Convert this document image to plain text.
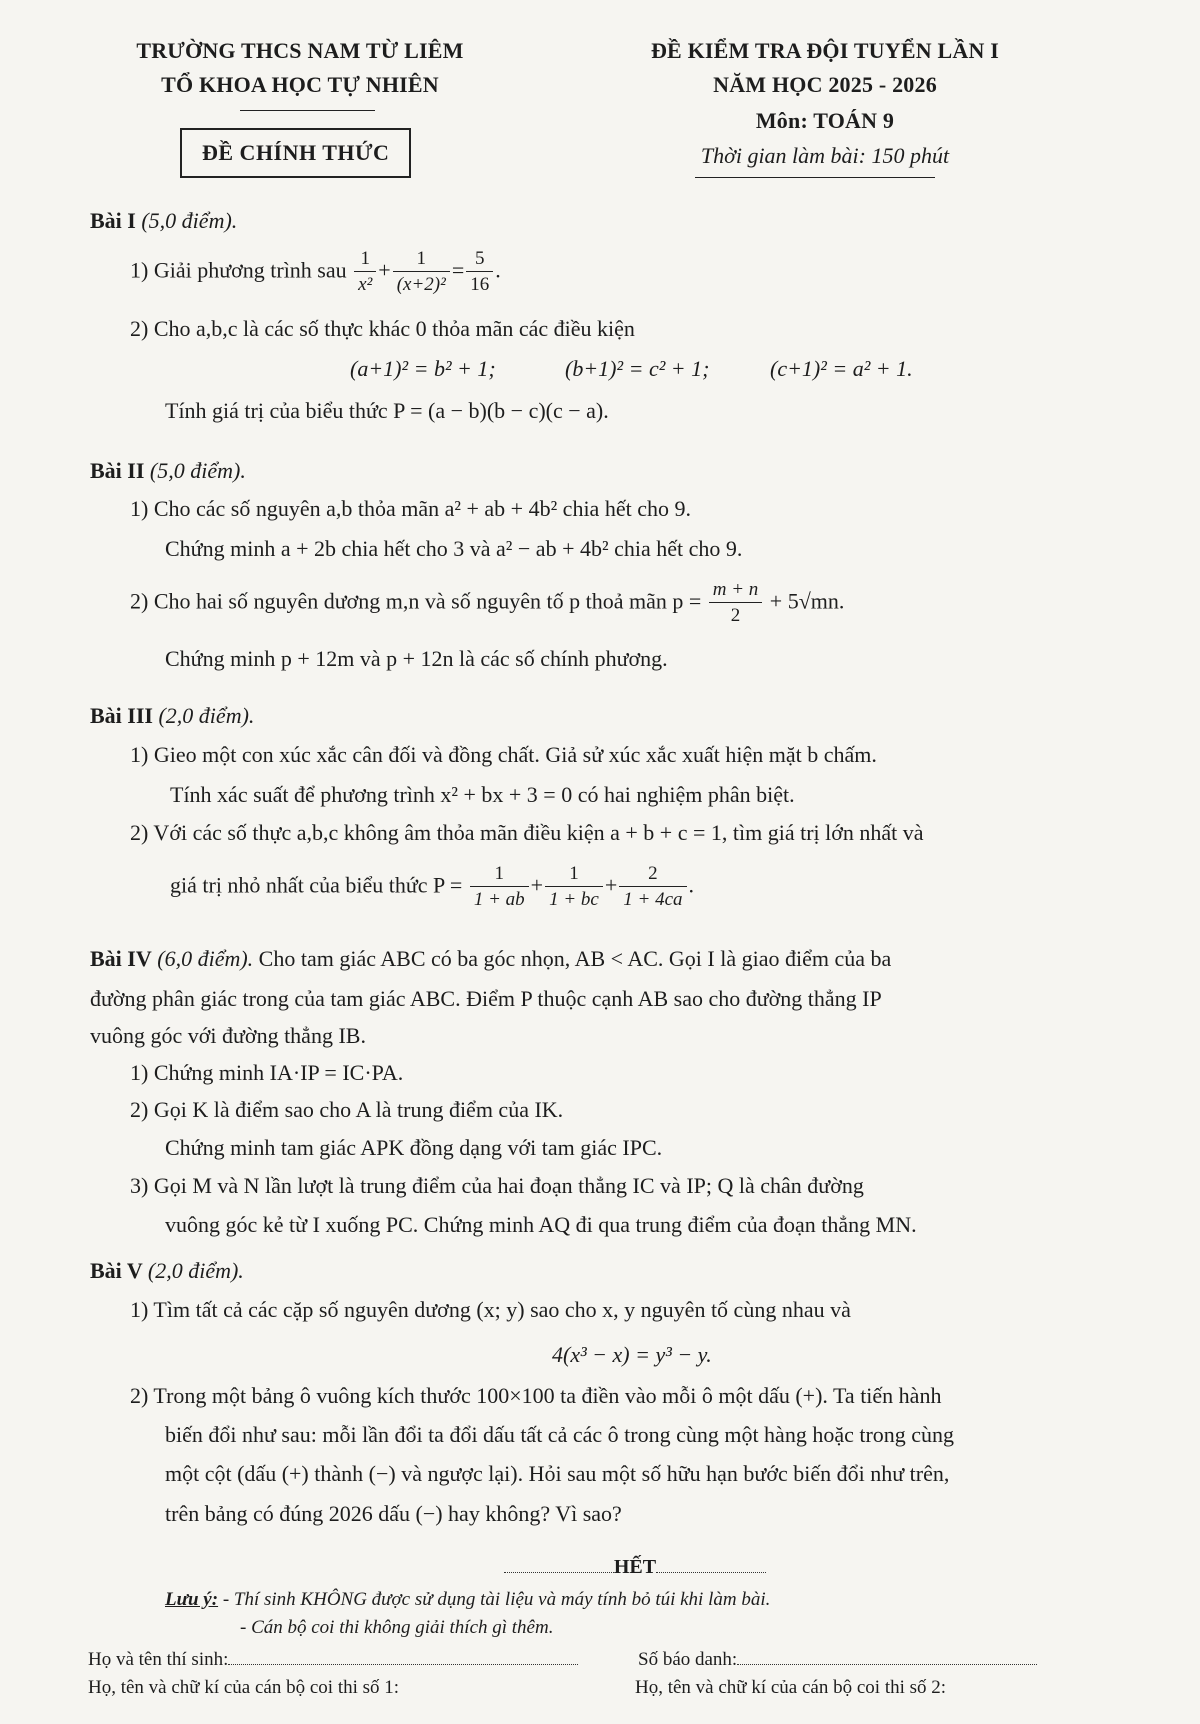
TRƯỜNG THCS NAM TỪ LIÊM
TỔ KHOA HỌC TỰ NHIÊN
ĐỀ CHÍNH THỨC
ĐỀ KIỂM TRA ĐỘI TUYỂN LẦN I
NĂM HỌC 2025 - 2026
Môn: TOÁN 9
Thời gian làm bài: 150 phút
Bài I (5,0 điểm).
1) Giải phương trình sau $\frac{1}{\text{x²}} + \frac{1}{\text{(x+2)²}} = \frac{5}{16}$ .
2) Cho a,b,c là các số thực khác 0 thỏa mãn các điều kiện
(a+1)² = b² + 1;	(b+1)² = c² + 1;	(c+1)² = a² + 1.
Tính giá trị của biểu thức P = (a − b)(b − c)(c − a).
Bài II (5,0 điểm).
1) Cho các số nguyên a,b thỏa mãn a² + ab + 4b² chia hết cho 9.
Chứng minh a + 2b chia hết cho 3 và a² − ab + 4b² chia hết cho 9.
2) Cho hai số nguyên dương m,n và số nguyên tố p thoả mãn $p = \frac{m + n}{2} + 5√mn$.
Chứng minh p + 12m và p + 12n là các số chính phương.
Bài III (2,0 điểm).
1) Gieo một con xúc xắc cân đối và đồng chất. Giả sử xúc xắc xuất hiện mặt b chấm.
Tính xác suất để phương trình x² + bx + 3 = 0 có hai nghiệm phân biệt.
2) Với các số thực a,b,c không âm thỏa mãn điều kiện a + b + c = 1, tìm giá trị lớn nhất và
giá trị nhỏ nhất của biểu thức $P = \frac{1}{1 + ab} + \frac{1}{1 + bc} + \frac{2}{1 + 4ca}$ .
Bài IV (6,0 điểm). Cho tam giác ABC có ba góc nhọn, AB < AC. Gọi I là giao điểm của ba
đường phân giác trong của tam giác ABC. Điểm P thuộc cạnh AB sao cho đường thẳng IP
vuông góc với đường thẳng IB.
1) Chứng minh IA·IP = IC·PA.
2) Gọi K là điểm sao cho A là trung điểm của IK.
Chứng minh tam giác APK đồng dạng với tam giác IPC.
3) Gọi M và N lần lượt là trung điểm của hai đoạn thẳng IC và IP; Q là chân đường
vuông góc kẻ từ I xuống PC. Chứng minh AQ đi qua trung điểm của đoạn thẳng MN.
Bài V (2,0 điểm).
1) Tìm tất cả các cặp số nguyên dương (x; y) sao cho x, y nguyên tố cùng nhau và
4(x³ − x) = y³ − y.
2) Trong một bảng ô vuông kích thước 100×100 ta điền vào mỗi ô một dấu (+). Ta tiến hành
biến đổi như sau: mỗi lần đổi ta đổi dấu tất cả các ô trong cùng một hàng hoặc trong cùng
một cột (dấu (+) thành (−) và ngược lại). Hỏi sau một số hữu hạn bước biến đổi như trên,
trên bảng có đúng 2026 dấu (−) hay không? Vì sao?
HẾT
Lưu ý: - Thí sinh KHÔNG được sử dụng tài liệu và máy tính bỏ túi khi làm bài.
- Cán bộ coi thi không giải thích gì thêm.
Họ và tên thí sinh:	Số báo danh:
Họ, tên và chữ kí của cán bộ coi thi số 1:	Họ, tên và chữ kí của cán bộ coi thi số 2:
